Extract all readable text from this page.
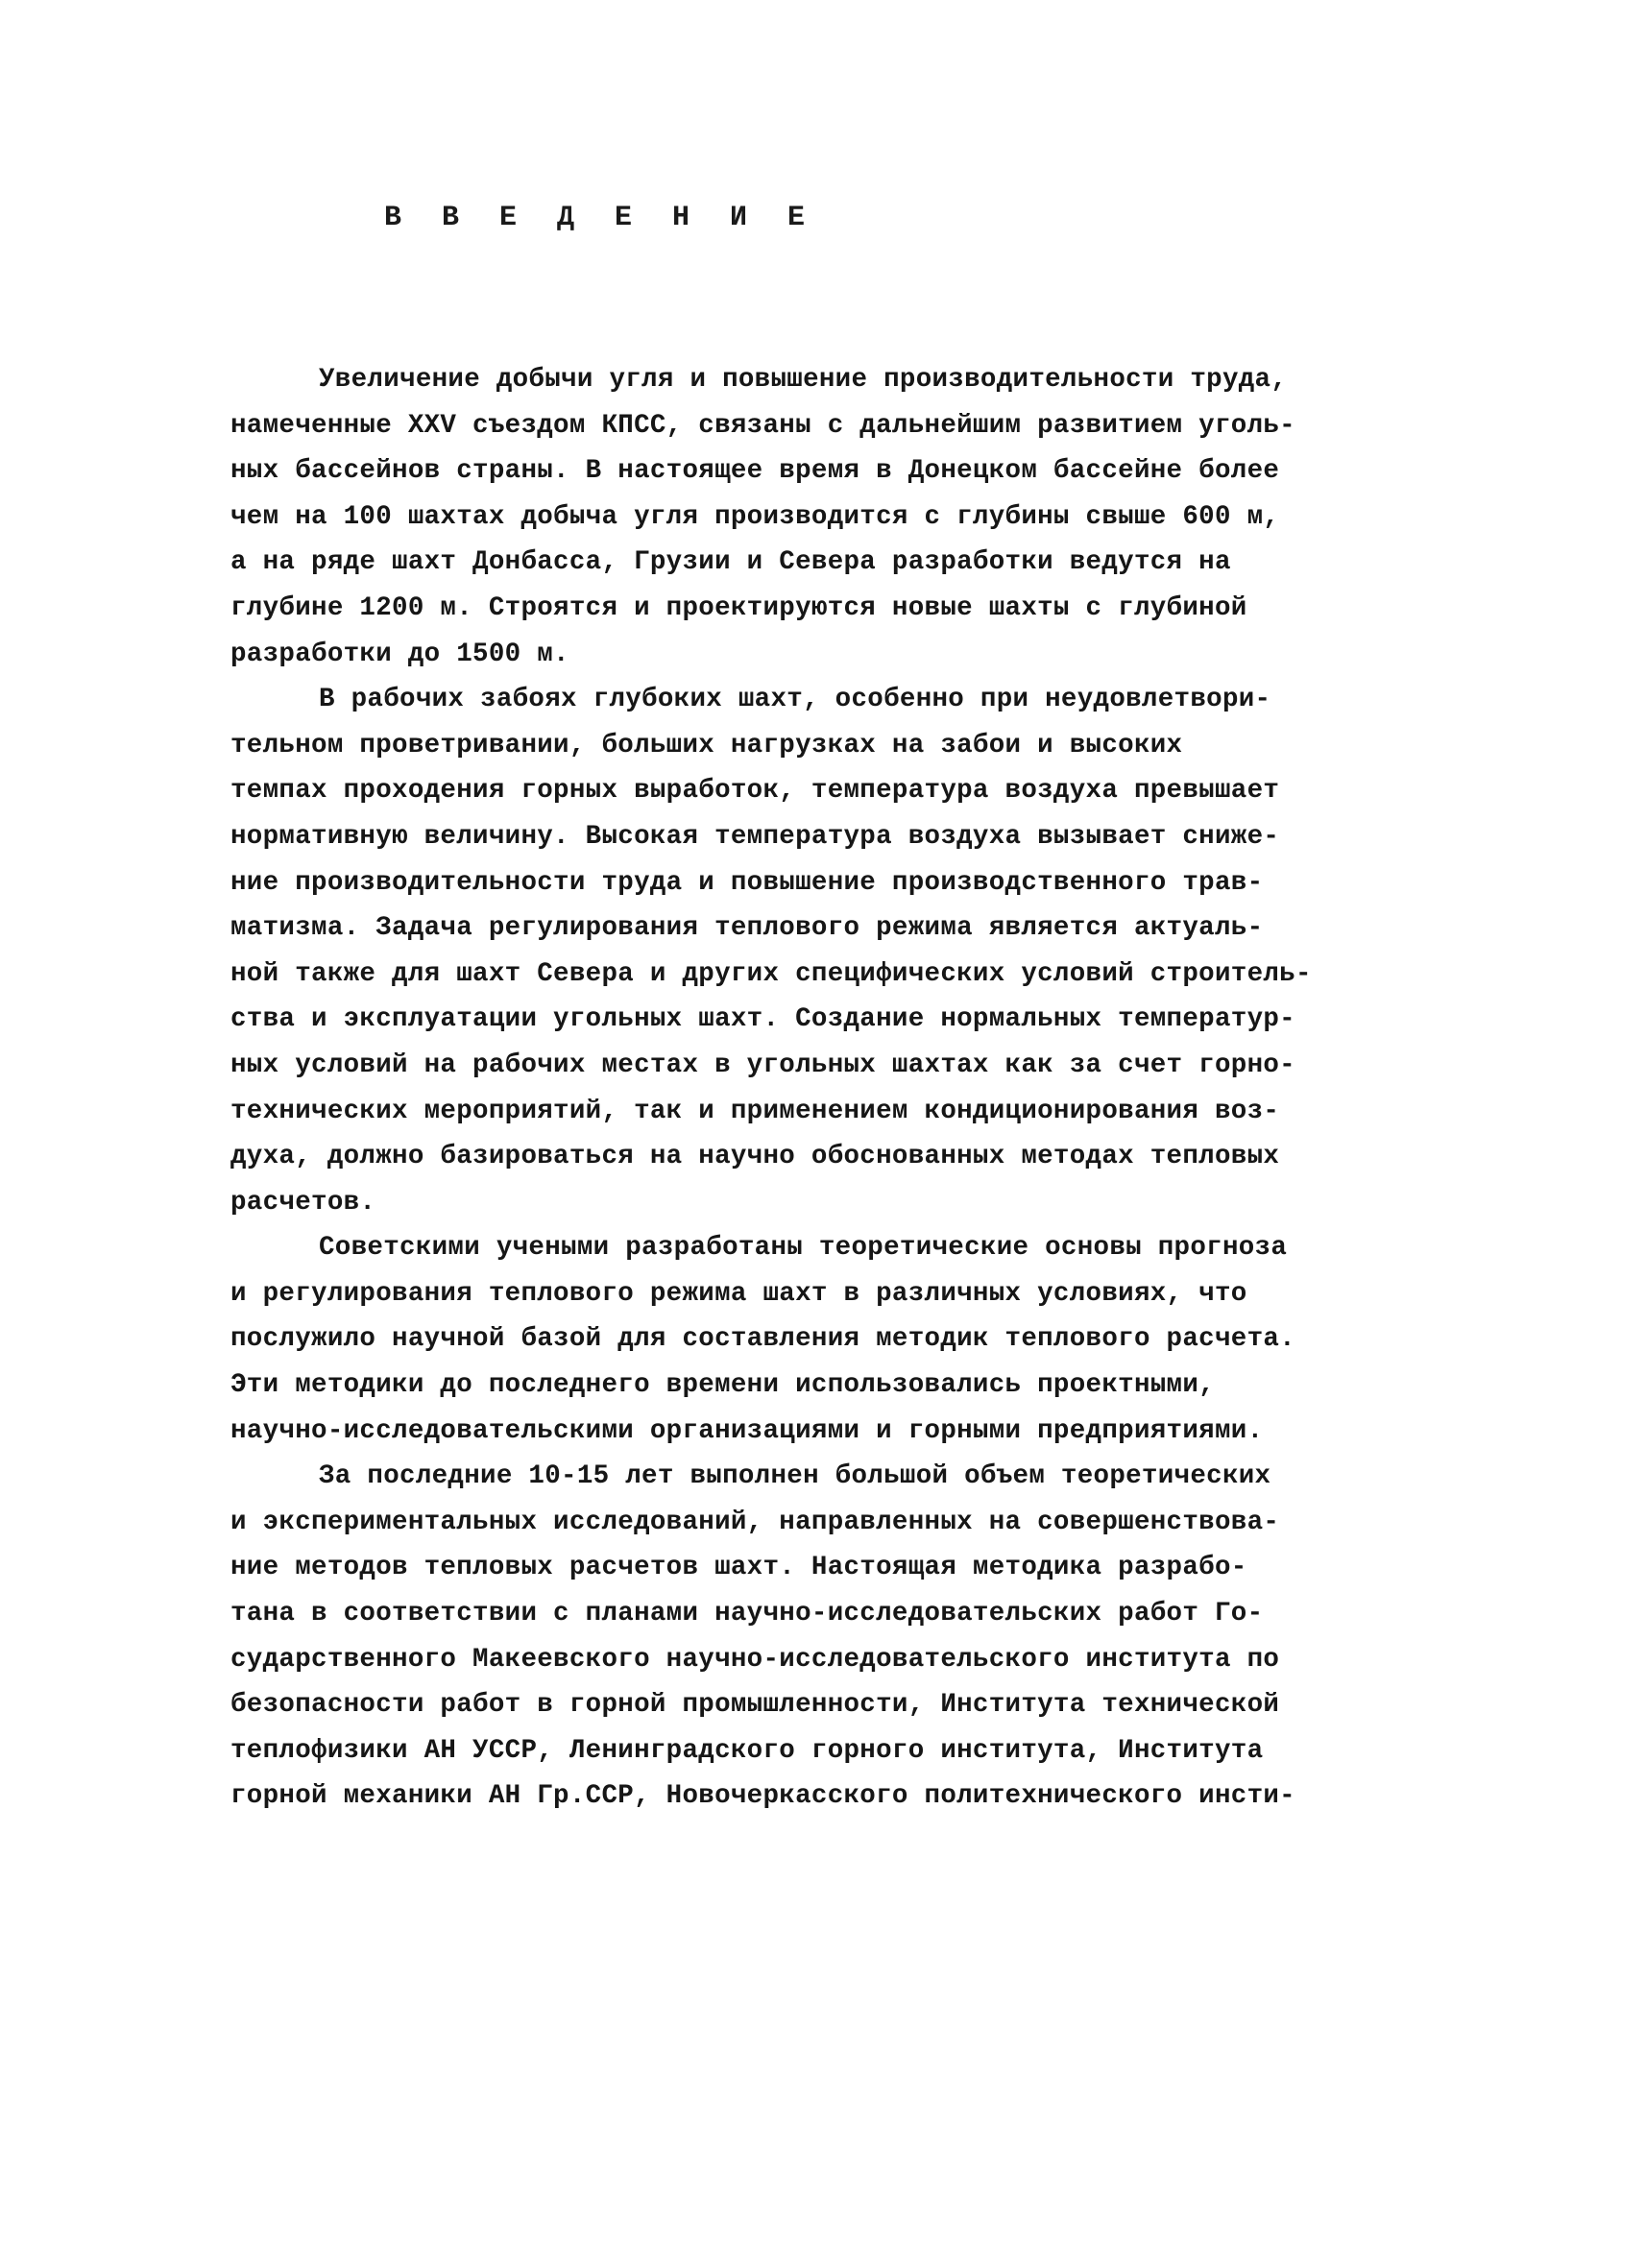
В В Е Д Е Н И Е
Увеличение добычи угля и повышение производительности труда,
намеченные XXV съездом КПСС, связаны с дальнейшим развитием уголь-
ных бассейнов страны. В настоящее время в Донецком бассейне более
чем на 100 шахтах добыча угля производится с глубины свыше 600 м,
а на ряде шахт Донбасса, Грузии и Севера разработки ведутся на
глубине 1200 м. Строятся и проектируются новые шахты с глубиной
разработки до 1500 м.
В рабочих забоях глубоких шахт, особенно при неудовлетвори-
тельном проветривании, больших нагрузках на забои и высоких
темпах проходения горных выработок, температура воздуха превышает
нормативную величину. Высокая температура воздуха вызывает сниже-
ние производительности труда и повышение производственного трав-
матизма. Задача регулирования теплового режима является актуаль-
ной также для шахт Севера и других специфических условий строитель-
ства и эксплуатации угольных шахт. Создание нормальных температур-
ных условий на рабочих местах в угольных шахтах как за счет горно-
технических мероприятий, так и применением кондиционирования воз-
духа, должно базироваться на научно обоснованных методах тепловых
расчетов.
Советскими учеными разработаны теоретические основы прогноза
и регулирования теплового режима шахт в различных условиях, что
послужило научной базой для составления методик теплового расчета.
Эти методики до последнего времени использовались проектными,
научно-исследовательскими организациями и горными предприятиями.
За последние 10-15 лет выполнен большой объем теоретических
и экспериментальных исследований, направленных на совершенствова-
ние методов тепловых расчетов шахт. Настоящая методика разрабо-
тана в соответствии с планами научно-исследовательских работ Го-
сударственного Макеевского научно-исследовательского института по
безопасности работ в горной промышленности, Института технической
теплофизики АН УССР, Ленинградского горного института, Института
горной механики АН Гр.ССР, Новочеркасского политехнического инсти-
